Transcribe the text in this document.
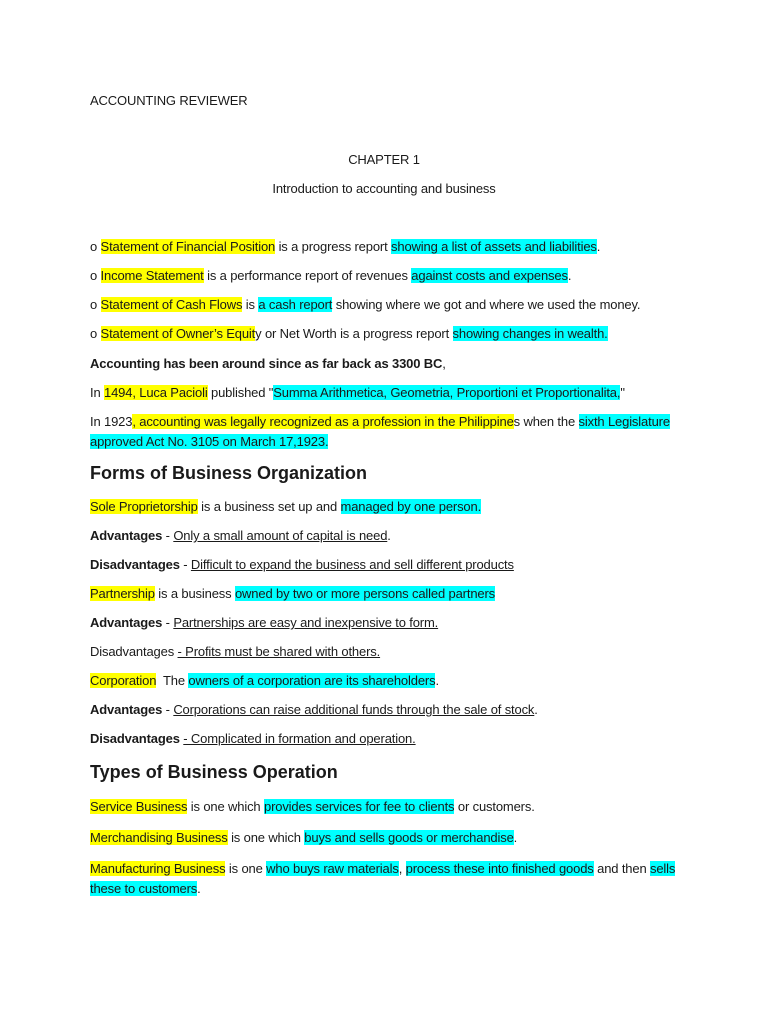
ACCOUNTING REVIEWER
CHAPTER 1
Introduction to accounting and business
o Statement of Financial Position is a progress report showing a list of assets and liabilities.
o Income Statement is a performance report of revenues against costs and expenses.
o Statement of Cash Flows is a cash report showing where we got and where we used the money.
o Statement of Owner’s Equity or Net Worth is a progress report showing changes in wealth.
Accounting has been around since as far back as 3300 BC,
In 1494, Luca Pacioli published "Summa Arithmetica, Geometria, Proportioni et Proportionalita,"
In 1923, accounting was legally recognized as a profession in the Philippines when the sixth Legislature approved Act No. 3105 on March 17,1923.
Forms of Business Organization
Sole Proprietorship is a business set up and managed by one person.
Advantages - Only a small amount of capital is need.
Disadvantages - Difficult to expand the business and sell different products
Partnership is a business owned by two or more persons called partners
Advantages - Partnerships are easy and inexpensive to form.
Disadvantages - Profits must be shared with others.
Corporation  The owners of a corporation are its shareholders.
Advantages - Corporations can raise additional funds through the sale of stock.
Disadvantages - Complicated in formation and operation.
Types of Business Operation
Service Business is one which provides services for fee to clients or customers.
Merchandising Business is one which buys and sells goods or merchandise.
Manufacturing Business is one who buys raw materials, process these into finished goods and then sells these to customers.
